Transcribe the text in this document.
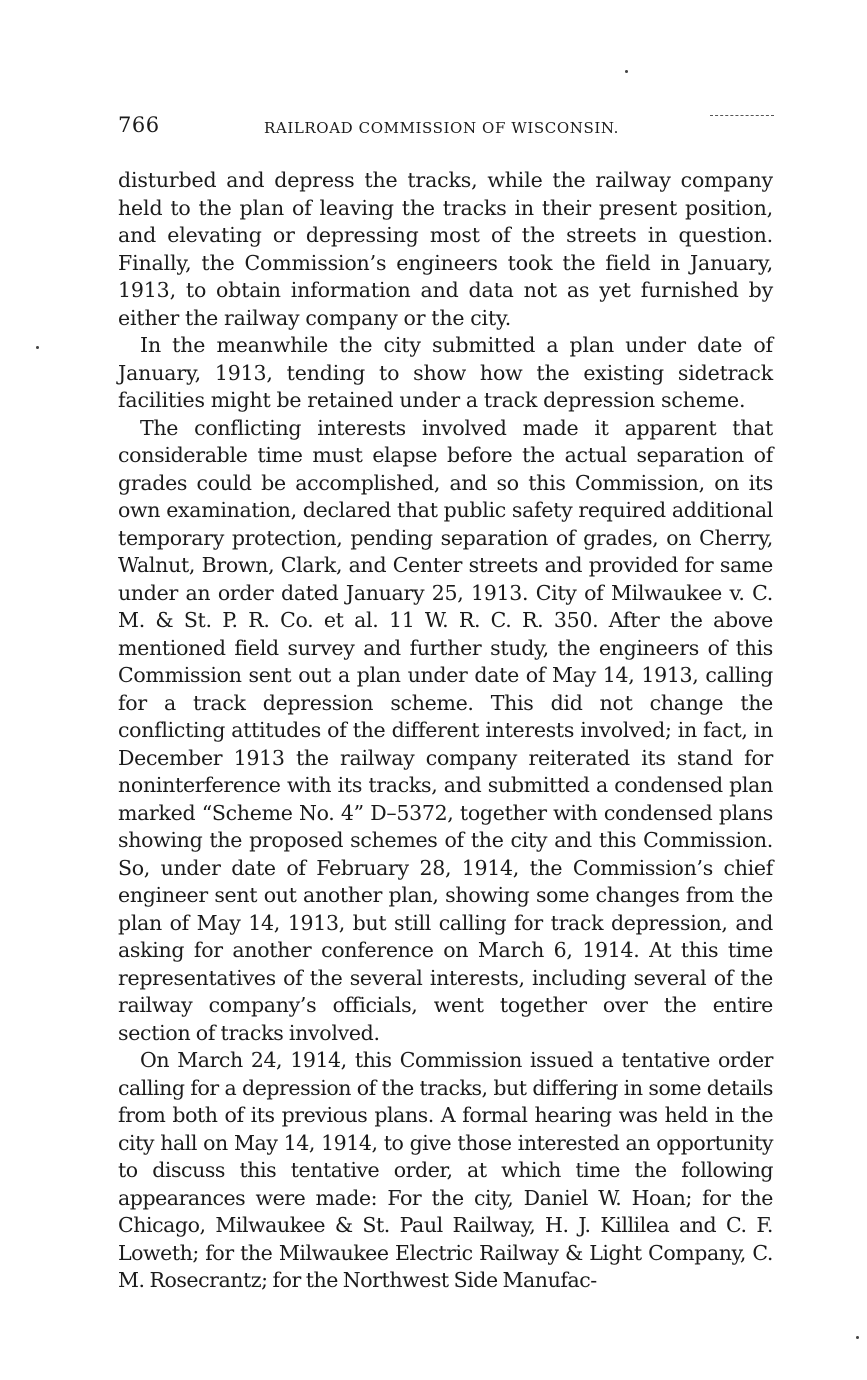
766	RAILROAD COMMISSION OF WISCONSIN.

disturbed and depress the tracks, while the railway company held to the plan of leaving the tracks in their present position, and elevating or depressing most of the streets in question. Finally, the Commission’s engineers took the field in January, 1913, to obtain information and data not as yet furnished by either the railway company or the city.

In the meanwhile the city submitted a plan under date of January, 1913, tending to show how the existing sidetrack facilities might be retained under a track depression scheme.

The conflicting interests involved made it apparent that considerable time must elapse before the actual separation of grades could be accomplished, and so this Commission, on its own examination, declared that public safety required additional temporary protection, pending separation of grades, on Cherry, Walnut, Brown, Clark, and Center streets and provided for same under an order dated January 25, 1913. City of Milwaukee v. C. M. & St. P. R. Co. et al. 11 W. R. C. R. 350. After the above mentioned field survey and further study, the engineers of this Commission sent out a plan under date of May 14, 1913, calling for a track depression scheme. This did not change the conflicting attitudes of the different interests involved; in fact, in December 1913 the railway company reiterated its stand for noninterference with its tracks, and submitted a condensed plan marked “Scheme No. 4” D–5372, together with condensed plans showing the proposed schemes of the city and this Commission. So, under date of February 28, 1914, the Commission’s chief engineer sent out another plan, showing some changes from the plan of May 14, 1913, but still calling for track depression, and asking for another conference on March 6, 1914. At this time representatives of the several interests, including several of the railway company’s officials, went together over the entire section of tracks involved.

On March 24, 1914, this Commission issued a tentative order calling for a depression of the tracks, but differing in some details from both of its previous plans. A formal hearing was held in the city hall on May 14, 1914, to give those interested an opportunity to discuss this tentative order, at which time the following appearances were made: For the city, Daniel W. Hoan; for the Chicago, Milwaukee & St. Paul Railway, H. J. Killilea and C. F. Loweth; for the Milwaukee Electric Railway & Light Company, C. M. Rosecrantz; for the Northwest Side Manufac-
